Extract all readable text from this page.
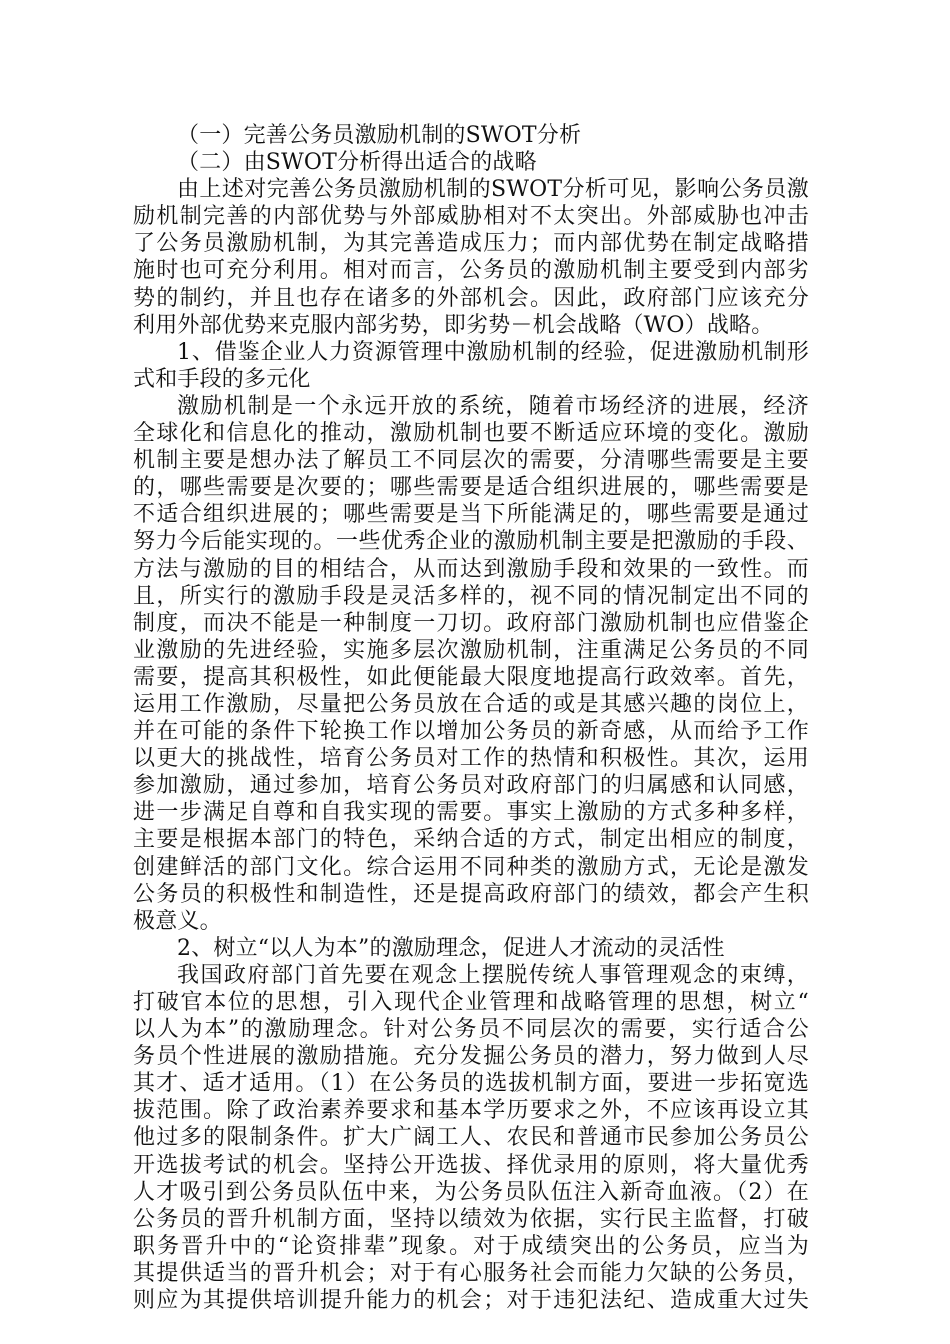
（一）完善公务员激励机制的SWOT分析
（二）由SWOT分析得出适合的战略
由上述对完善公务员激励机制的SWOT分析可见，影响公务员激
励机制完善的内部优势与外部威胁相对不太突出。外部威胁也冲击
了公务员激励机制，为其完善造成压力；而内部优势在制定战略措
施时也可充分利用。相对而言，公务员的激励机制主要受到内部劣
势的制约，并且也存在诸多的外部机会。因此，政府部门应该充分
利用外部优势来克服内部劣势，即劣势－机会战略（WO）战略。
1、借鉴企业人力资源管理中激励机制的经验，促进激励机制形
式和手段的多元化
激励机制是一个永远开放的系统，随着市场经济的进展，经济
全球化和信息化的推动，激励机制也要不断适应环境的变化。激励
机制主要是想办法了解员工不同层次的需要，分清哪些需要是主要
的，哪些需要是次要的；哪些需要是适合组织进展的，哪些需要是
不适合组织进展的；哪些需要是当下所能满足的，哪些需要是通过
努力今后能实现的。一些优秀企业的激励机制主要是把激励的手段、
方法与激励的目的相结合，从而达到激励手段和效果的一致性。而
且，所实行的激励手段是灵活多样的，视不同的情况制定出不同的
制度，而决不能是一种制度一刀切。政府部门激励机制也应借鉴企
业激励的先进经验，实施多层次激励机制，注重满足公务员的不同
需要，提高其积极性，如此便能最大限度地提高行政效率。首先，
运用工作激励，尽量把公务员放在合适的或是其感兴趣的岗位上，
并在可能的条件下轮换工作以增加公务员的新奇感，从而给予工作
以更大的挑战性，培育公务员对工作的热情和积极性。其次，运用
参加激励，通过参加，培育公务员对政府部门的归属感和认同感，
进一步满足自尊和自我实现的需要。事实上激励的方式多种多样，
主要是根据本部门的特色，采纳合适的方式，制定出相应的制度，
创建鲜活的部门文化。综合运用不同种类的激励方式，无论是激发
公务员的积极性和制造性，还是提高政府部门的绩效，都会产生积
极意义。
2、树立“以人为本”的激励理念，促进人才流动的灵活性
我国政府部门首先要在观念上摆脱传统人事管理观念的束缚，
打破官本位的思想，引入现代企业管理和战略管理的思想，树立“
以人为本”的激励理念。针对公务员不同层次的需要，实行适合公
务员个性进展的激励措施。充分发掘公务员的潜力，努力做到人尽
其才、适才适用。（1）在公务员的选拔机制方面，要进一步拓宽选
拔范围。除了政治素养要求和基本学历要求之外，不应该再设立其
他过多的限制条件。扩大广阔工人、农民和普通市民参加公务员公
开选拔考试的机会。坚持公开选拔、择优录用的原则，将大量优秀
人才吸引到公务员队伍中来，为公务员队伍注入新奇血液。（2）在
公务员的晋升机制方面，坚持以绩效为依据，实行民主监督，打破
职务晋升中的“论资排辈”现象。对于成绩突出的公务员，应当为
其提供适当的晋升机会；对于有心服务社会而能力欠缺的公务员，
则应为其提供培训提升能力的机会；对于违犯法纪、造成重大过失
